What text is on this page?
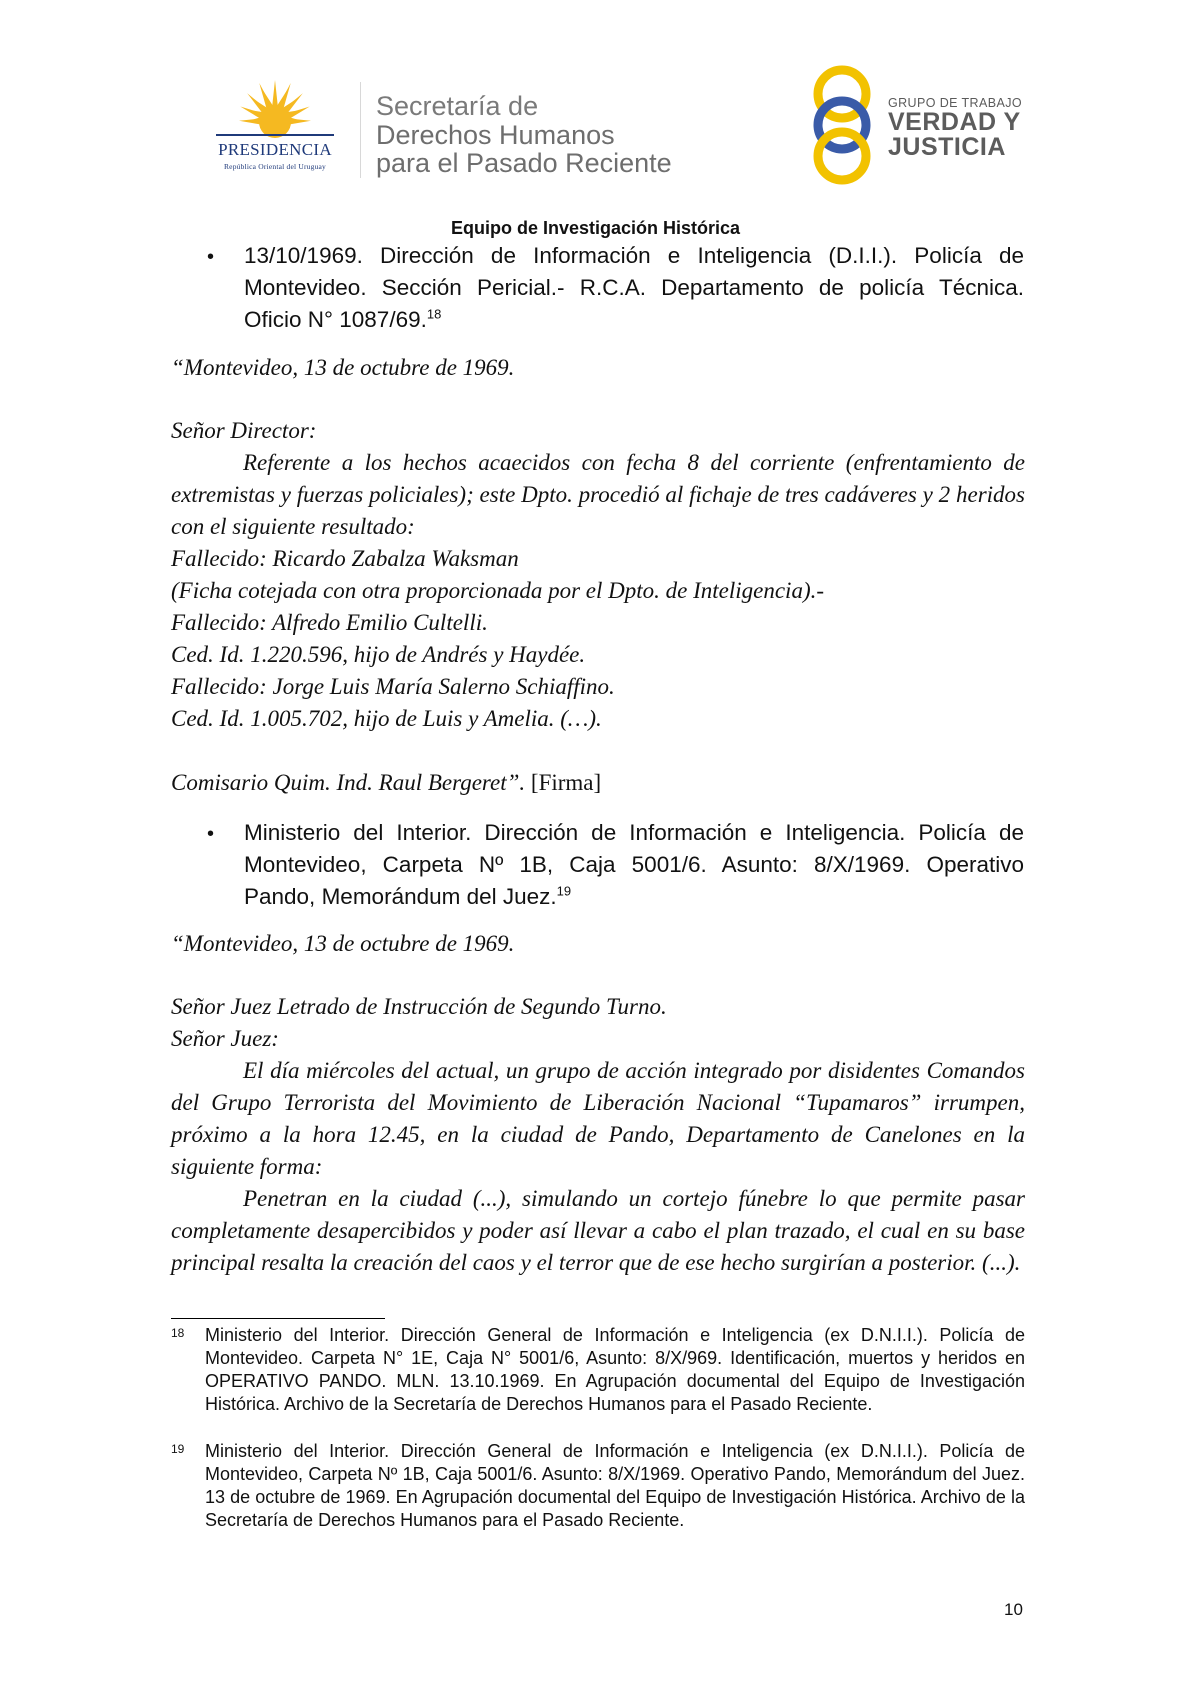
PRESIDENCIA
República Oriental del Uruguay
Secretaría de
Derechos Humanos
para el Pasado Reciente
GRUPO DE TRABAJO
VERDAD Y
JUSTICIA
Equipo de Investigación Histórica
• 13/10/1969. Dirección de Información e Inteligencia (D.I.I.). Policía de
Montevideo. Sección Pericial.- R.C.A. Departamento de policía Técnica.
Oficio N° 1087/69.18
“Montevideo, 13 de octubre de 1969.
Señor Director:
Referente a los hechos acaecidos con fecha 8 del corriente (enfrentamiento de extremistas y fuerzas policiales); este Dpto. procedió al fichaje de tres cadáveres y 2 heridos con el siguiente resultado:
Fallecido: Ricardo Zabalza Waksman
(Ficha cotejada con otra proporcionada por el Dpto. de Inteligencia).-
Fallecido: Alfredo Emilio Cultelli.
Ced. Id. 1.220.596, hijo de Andrés y Haydée.
Fallecido: Jorge Luis María Salerno Schiaffino.
Ced. Id. 1.005.702, hijo de Luis y Amelia. (…).
Comisario Quim. Ind. Raul Bergeret”. [Firma]
• Ministerio del Interior. Dirección de Información e Inteligencia. Policía de
Montevideo, Carpeta Nº 1B, Caja 5001/6. Asunto: 8/X/1969. Operativo
Pando, Memorándum del Juez.$^{19}$
“Montevideo, 13 de octubre de 1969.
Señor Juez Letrado de Instrucción de Segundo Turno.
Señor Juez:
El día miércoles del actual, un grupo de acción integrado por disidentes Comandos del Grupo Terrorista del Movimiento de Liberación Nacional “Tupamaros” irrumpen, próximo a la hora 12.45, en la ciudad de Pando, Departamento de Canelones en la siguiente forma:
Penetran en la ciudad (...), simulando un cortejo fúnebre lo que permite pasar completamente desapercibidos y poder así llevar a cabo el plan trazado, el cual en su base principal resalta la creación del caos y el terror que de ese hecho surgirían a posterior. (...).
18 Ministerio del Interior. Dirección General de Información e Inteligencia (ex D.N.I.I.). Policía de Montevideo. Carpeta N° 1E, Caja N° 5001/6, Asunto: 8/X/969. Identificación, muertos y heridos en OPERATIVO PANDO. MLN. 13.10.1969. En Agrupación documental del Equipo de Investigación Histórica. Archivo de la Secretaría de Derechos Humanos para el Pasado Reciente.
19 Ministerio del Interior. Dirección General de Información e Inteligencia (ex D.N.I.I.). Policía de Montevideo, Carpeta Nº 1B, Caja 5001/6. Asunto: 8/X/1969. Operativo Pando, Memorándum del Juez. 13 de octubre de 1969. En Agrupación documental del Equipo de Investigación Histórica. Archivo de la Secretaría de Derechos Humanos para el Pasado Reciente.
10
